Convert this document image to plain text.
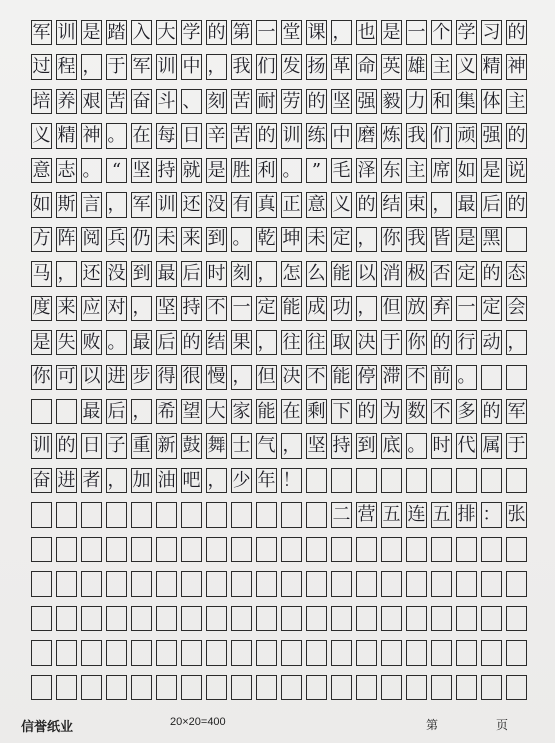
军 训 是 踏 入 大 学 的 第 一 堂 课 ， 也 是 一 个 学 习 的
过 程 ， 于 军 训 中 ， 我 们 发 扬 革 命 英 雄 主 义 精 神
培 养 艰 苦 奋 斗 、 刻 苦 耐 劳 的 坚 强 毅 力 和 集 体 主
义 精 神 。 在 每 日 辛 苦 的 训 练 中 磨 炼 我 们 顽 强 的
意 志 。 “ 坚 持 就 是 胜 利 。 ” 毛 泽 东 主 席 如 是 说
如 斯 言 ， 军 训 还 没 有 真 正 意 义 的 结 束 ， 最 后 的
方 阵 阅 兵 仍 未 来 到 。 乾 坤 未 定 ， 你 我 皆 是 黑
马 ， 还 没 到 最 后 时 刻 ， 怎 么 能 以 消 极 否 定 的 态
度 来 应 对 ， 坚 持 不 一 定 能 成 功 ， 但 放 弃 一 定 会
是 失 败 。 最 后 的 结 果 ， 往 往 取 决 于 你 的 行 动 ，
你 可 以 进 步 得 很 慢 ， 但 决 不 能 停 滞 不 前 。
最 后 ， 希 望 大 家 能 在 剩 下 的 为 数 不 多 的 军
训 的 日 子 重 新 鼓 舞 士 气 ， 坚 持 到 底 。 时 代 属 于
奋 进 者 ， 加 油 吧 ， 少 年 ！
二 营 五 连 五 排 ： 张
信誉纸业	20×20=400	第	页
